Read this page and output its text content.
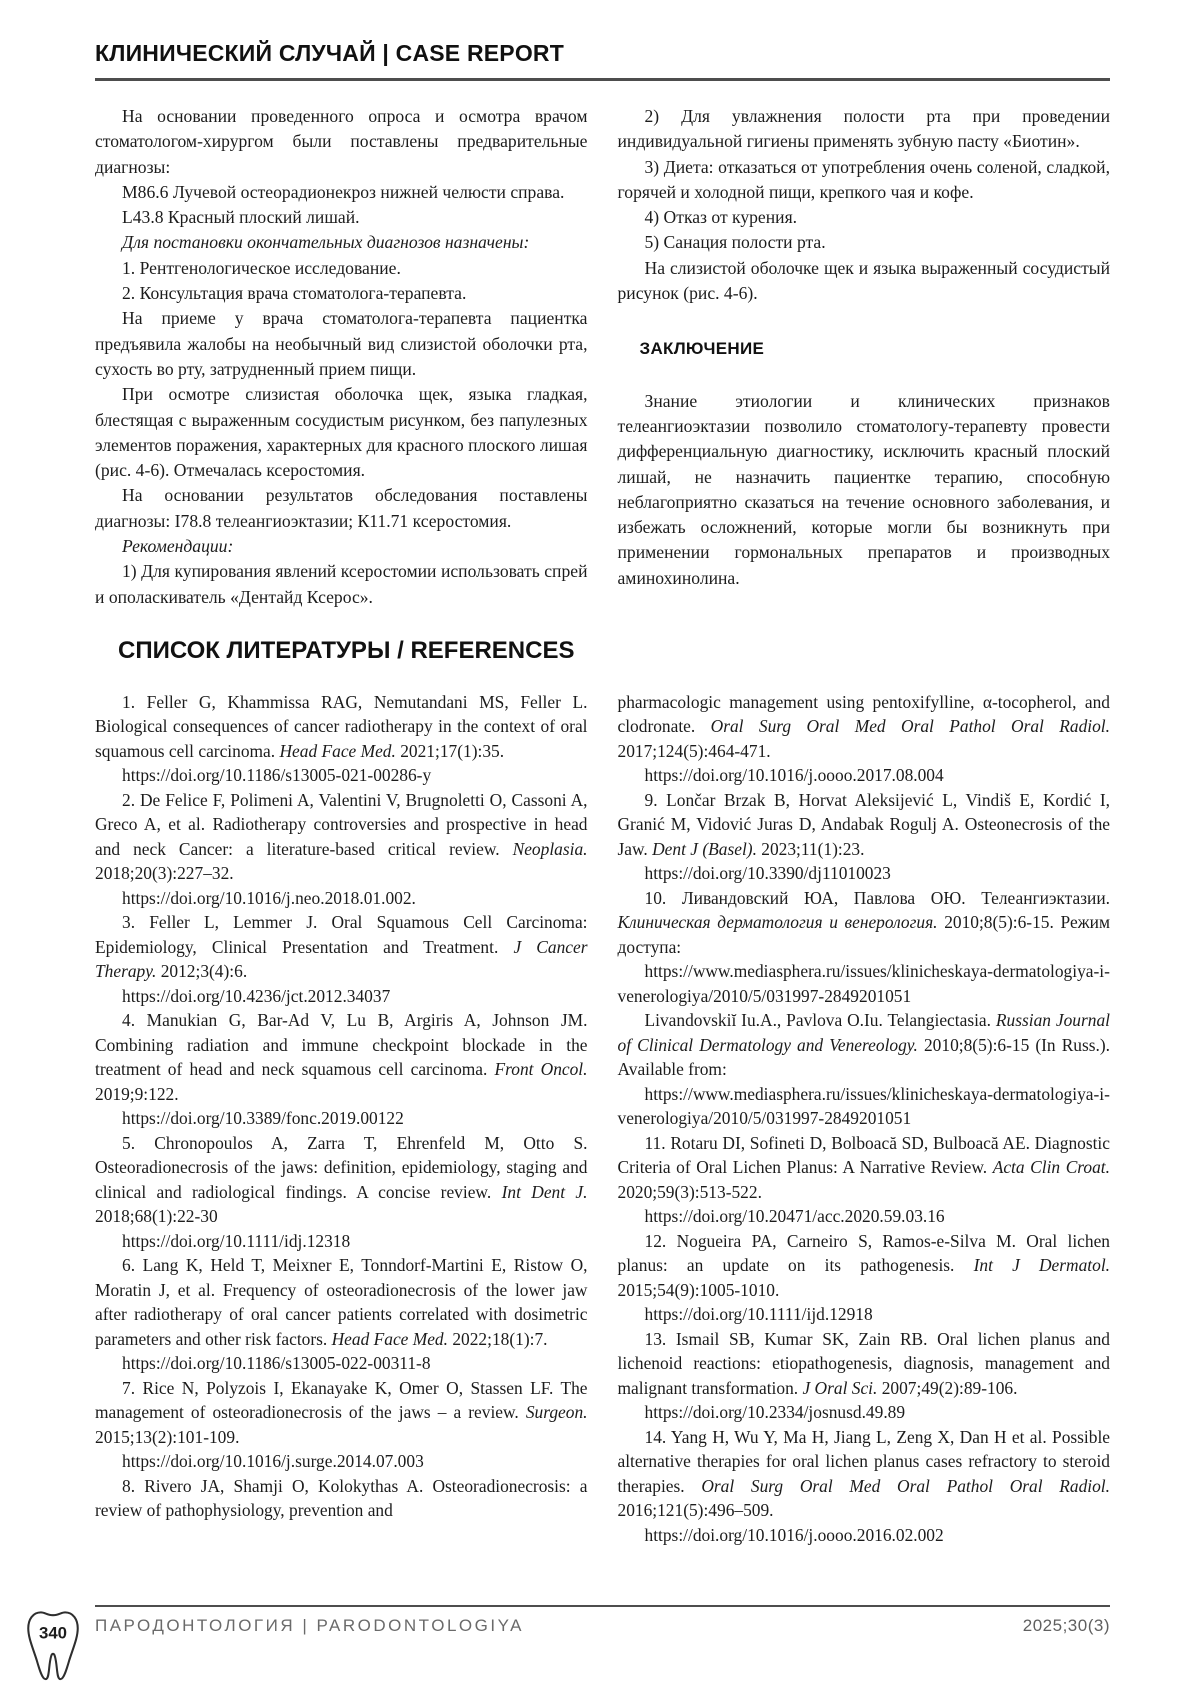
КЛИНИЧЕСКИЙ СЛУЧАЙ | CASE REPORT

На основании проведенного опроса и осмотра врачом стоматологом-хирургом были поставлены предварительные диагнозы:

М86.6 Лучевой остеорадионекроз нижней челюсти справа.

L43.8 Красный плоский лишай.

Для постановки окончательных диагнозов назначены:

1. Рентгенологическое исследование.

2. Консультация врача стоматолога-терапевта.

На приеме у врача стоматолога-терапевта пациентка предъявила жалобы на необычный вид слизистой оболочки рта, сухость во рту, затрудненный прием пищи.

При осмотре слизистая оболочка щек, языка гладкая, блестящая с выраженным сосудистым рисунком, без папулезных элементов поражения, характерных для красного плоского лишая (рис. 4-6). Отмечалась ксеростомия.

На основании результатов обследования поставлены диагнозы: I78.8 телеангиоэктазии; К11.71 ксеростомия.

Рекомендации:

1) Для купирования явлений ксеростомии использовать спрей и ополаскиватель «Дентайд Ксерос».

2) Для увлажнения полости рта при проведении индивидуальной гигиены применять зубную пасту «Биотин».

3) Диета: отказаться от употребления очень соленой, сладкой, горячей и холодной пищи, крепкого чая и кофе.

4) Отказ от курения.

5) Санация полости рта.

На слизистой оболочке щек и языка выраженный сосудистый рисунок (рис. 4-6).

ЗАКЛЮЧЕНИЕ

Знание этиологии и клинических признаков телеангиоэктазии позволило стоматологу-терапевту провести дифференциальную диагностику, исключить красный плоский лишай, не назначить пациентке терапию, способную неблагоприятно сказаться на течение основного заболевания, и избежать осложнений, которые могли бы возникнуть при применении гормональных препаратов и производных аминохинолина.

СПИСОК ЛИТЕРАТУРЫ / REFERENCES

1. Feller G, Khammissa RAG, Nemutandani MS, Feller L. Biological consequences of cancer radiotherapy in the context of oral squamous cell carcinoma. Head Face Med. 2021;17(1):35.

https://doi.org/10.1186/s13005-021-00286-y

2. De Felice F, Polimeni A, Valentini V, Brugnoletti O, Cassoni A, Greco A, et al. Radiotherapy controversies and prospective in head and neck Cancer: a literature-based critical review. Neoplasia. 2018;20(3):227–32.

https://doi.org/10.1016/j.neo.2018.01.002.

3. Feller L, Lemmer J. Oral Squamous Cell Carcinoma: Epidemiology, Clinical Presentation and Treatment. J Cancer Therapy. 2012;3(4):6.

https://doi.org/10.4236/jct.2012.34037

4. Manukian G, Bar-Ad V, Lu B, Argiris A, Johnson JM. Combining radiation and immune checkpoint blockade in the treatment of head and neck squamous cell carcinoma. Front Oncol. 2019;9:122.

https://doi.org/10.3389/fonc.2019.00122

5. Chronopoulos A, Zarra T, Ehrenfeld M, Otto S. Osteoradionecrosis of the jaws: definition, epidemiology, staging and clinical and radiological findings. A concise review. Int Dent J. 2018;68(1):22-30

https://doi.org/10.1111/idj.12318

6. Lang K, Held T, Meixner E, Tonndorf-Martini E, Ristow O, Moratin J, et al. Frequency of osteoradionecrosis of the lower jaw after radiotherapy of oral cancer patients correlated with dosimetric parameters and other risk factors. Head Face Med. 2022;18(1):7.

https://doi.org/10.1186/s13005-022-00311-8

7. Rice N, Polyzois I, Ekanayake K, Omer O, Stassen LF. The management of osteoradionecrosis of the jaws – a review. Surgeon. 2015;13(2):101-109.

https://doi.org/10.1016/j.surge.2014.07.003

8. Rivero JA, Shamji O, Kolokythas A. Osteoradionecrosis: a review of pathophysiology, prevention and

pharmacologic management using pentoxifylline, α-tocopherol, and clodronate. Oral Surg Oral Med Oral Pathol Oral Radiol. 2017;124(5):464-471.

https://doi.org/10.1016/j.oooo.2017.08.004

9. Lončar Brzak B, Horvat Aleksijević L, Vindiš E, Kordić I, Granić M, Vidović Juras D, Andabak Rogulj A. Osteonecrosis of the Jaw. Dent J (Basel). 2023;11(1):23.

https://doi.org/10.3390/dj11010023

10. Ливандовский ЮА, Павлова ОЮ. Телеангиэктазии. Клиническая дерматология и венерология. 2010;8(5):6-15. Режим доступа:

https://www.mediasphera.ru/issues/klinicheskaya-dermatologiya-i-venerologiya/2010/5/031997-2849201051

Livandovskiĭ Iu.A., Pavlova O.Iu. Telangiectasia. Russian Journal of Clinical Dermatology and Venereology. 2010;8(5):6-15 (In Russ.). Available from:

https://www.mediasphera.ru/issues/klinicheskaya-dermatologiya-i-venerologiya/2010/5/031997-2849201051

11. Rotaru DI, Sofineti D, Bolboacă SD, Bulboacă AE. Diagnostic Criteria of Oral Lichen Planus: A Narrative Review. Acta Clin Croat. 2020;59(3):513-522.

https://doi.org/10.20471/acc.2020.59.03.16

12. Nogueira PA, Carneiro S, Ramos-e-Silva M. Oral lichen planus: an update on its pathogenesis. Int J Dermatol. 2015;54(9):1005-1010.

https://doi.org/10.1111/ijd.12918

13. Ismail SB, Kumar SK, Zain RB. Oral lichen planus and lichenoid reactions: etiopathogenesis, diagnosis, management and malignant transformation. J Oral Sci. 2007;49(2):89-106.

https://doi.org/10.2334/josnusd.49.89

14. Yang H, Wu Y, Ma H, Jiang L, Zeng X, Dan H et al. Possible alternative therapies for oral lichen planus cases refractory to steroid therapies. Oral Surg Oral Med Oral Pathol Oral Radiol. 2016;121(5):496–509.

https://doi.org/10.1016/j.oooo.2016.02.002

340 ПАРОДОНТОЛОГИЯ | PARODONTOLOGIYA	2025;30(3)
